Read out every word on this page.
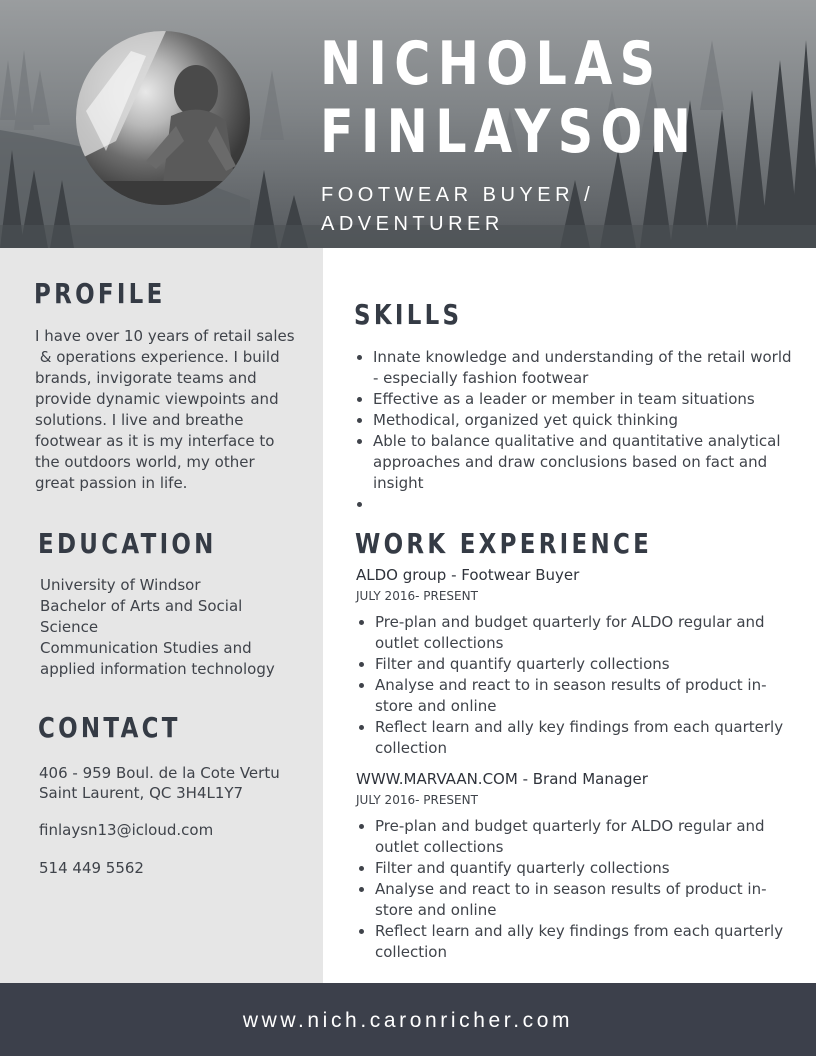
NICHOLAS
FINLAYSON
FOOTWEAR BUYER /
ADVENTURER
PROFILE
I have over 10 years of retail sales
& operations experience. I build
brands, invigorate teams and
provide dynamic viewpoints and
solutions. I live and breathe
footwear as it is my interface to
the outdoors world, my other
great passion in life.
EDUCATION
University of Windsor
Bachelor of Arts and Social
Science
Communication Studies and
applied information technology
CONTACT
406 - 959 Boul. de la Cote Vertu
Saint Laurent, QC 3H4L1Y7
finlaysn13@icloud.com
514 449 5562
SKILLS
• Innate knowledge and understanding of the retail world - especially fashion footwear
• Effective as a leader or member in team situations
• Methodical, organized yet quick thinking
• Able to balance qualitative and quantitative analytical approaches and draw conclusions based on fact and insight
•
WORK EXPERIENCE
ALDO group - Footwear Buyer
JULY 2016- PRESENT
• Pre-plan and budget quarterly for ALDO regular and outlet collections
• Filter and quantify quarterly collections
• Analyse and react to in season results of product in-store and online
• Reflect learn and ally key findings from each quarterly collection
WWW.MARVAAN.COM - Brand Manager
JULY 2016- PRESENT
• Pre-plan and budget quarterly for ALDO regular and outlet collections
• Filter and quantify quarterly collections
• Analyse and react to in season results of product in-store and online
• Reflect learn and ally key findings from each quarterly collection
www.nich.caronricher.com
